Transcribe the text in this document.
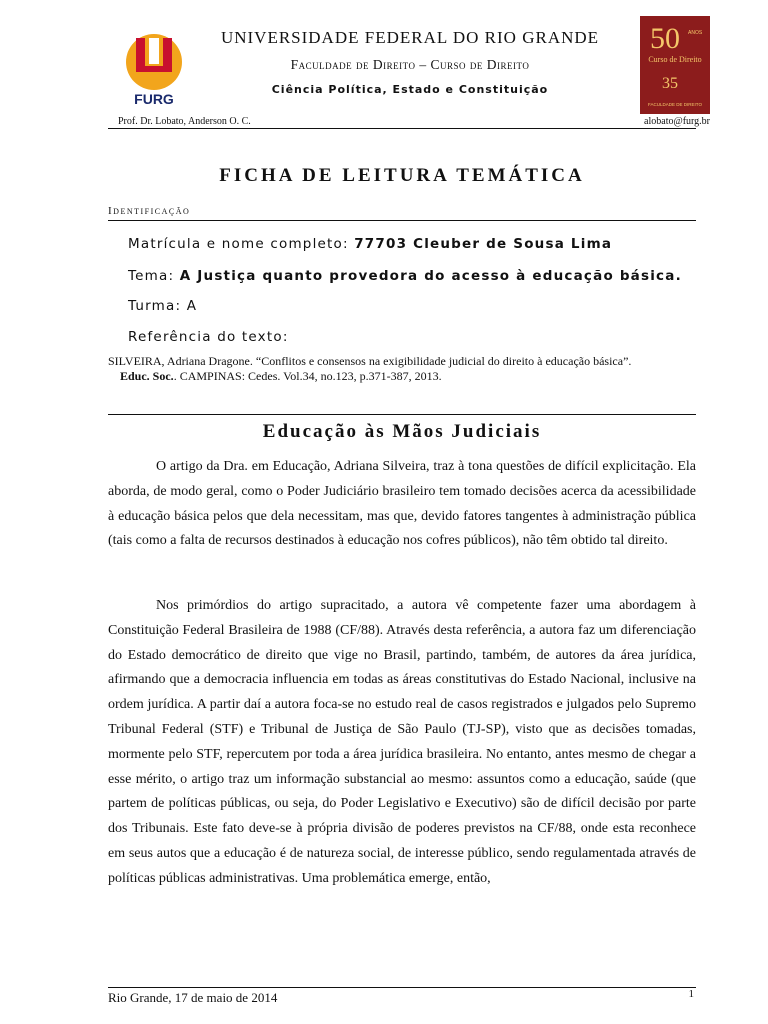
FURG
50 ANOS
Curso de Direito
35
FACULDADE DE DIREITO
UNIVERSIDADE FEDERAL DO RIO GRANDE
Faculdade de Direito – Curso de Direito
Ciência Política, Estado e Constituição
Prof. Dr. Lobato, Anderson O. C.	alobato@furg.br
FICHA DE LEITURA TEMÁTICA
Identificação
Matrícula e nome completo: 77703 Cleuber de Sousa Lima
Tema: A Justiça quanto provedora do acesso à educação básica.
Turma: A
Referência do texto:
SILVEIRA, Adriana Dragone. “Conflitos e consensos na exigibilidade judicial do direito à educação básica”.
Educ. Soc.. CAMPINAS: Cedes. Vol.34, no.123, p.371-387, 2013.
Educação às Mãos Judiciais

O artigo da Dra. em Educação, Adriana Silveira, traz à tona questões de difícil explicitação. Ela aborda, de modo geral, como o Poder Judiciário brasileiro tem tomado decisões acerca da acessibilidade à educação básica pelos que dela necessitam, mas que, devido fatores tangentes à administração pública (tais como a falta de recursos destinados à educação nos cofres públicos), não têm obtido tal direito.

Nos primórdios do artigo supracitado, a autora vê competente fazer uma abordagem à Constituição Federal Brasileira de 1988 (CF/88). Através desta referência, a autora faz um diferenciação do Estado democrático de direito que vige no Brasil, partindo, também, de autores da área jurídica, afirmando que a democracia influencia em todas as áreas constitutivas do Estado Nacional, inclusive na ordem jurídica. A partir daí a autora foca-se no estudo real de casos registrados e julgados pelo Supremo Tribunal Federal (STF) e Tribunal de Justiça de São Paulo (TJ-SP), visto que as decisões tomadas, mormente pelo STF, repercutem por toda a área jurídica brasileira. No entanto, antes mesmo de chegar a esse mérito, o artigo traz um informação substancial ao mesmo: assuntos como a educação, saúde (que partem de políticas públicas, ou seja, do Poder Legislativo e Executivo) são de difícil decisão por parte dos Tribunais. Este fato deve-se à própria divisão de poderes previstos na CF/88, onde esta reconhece em seus autos que a educação é de natureza social, de interesse público, sendo regulamentada através de políticas públicas administrativas. Uma problemática emerge, então,

Rio Grande, 17 de maio de 2014	1
